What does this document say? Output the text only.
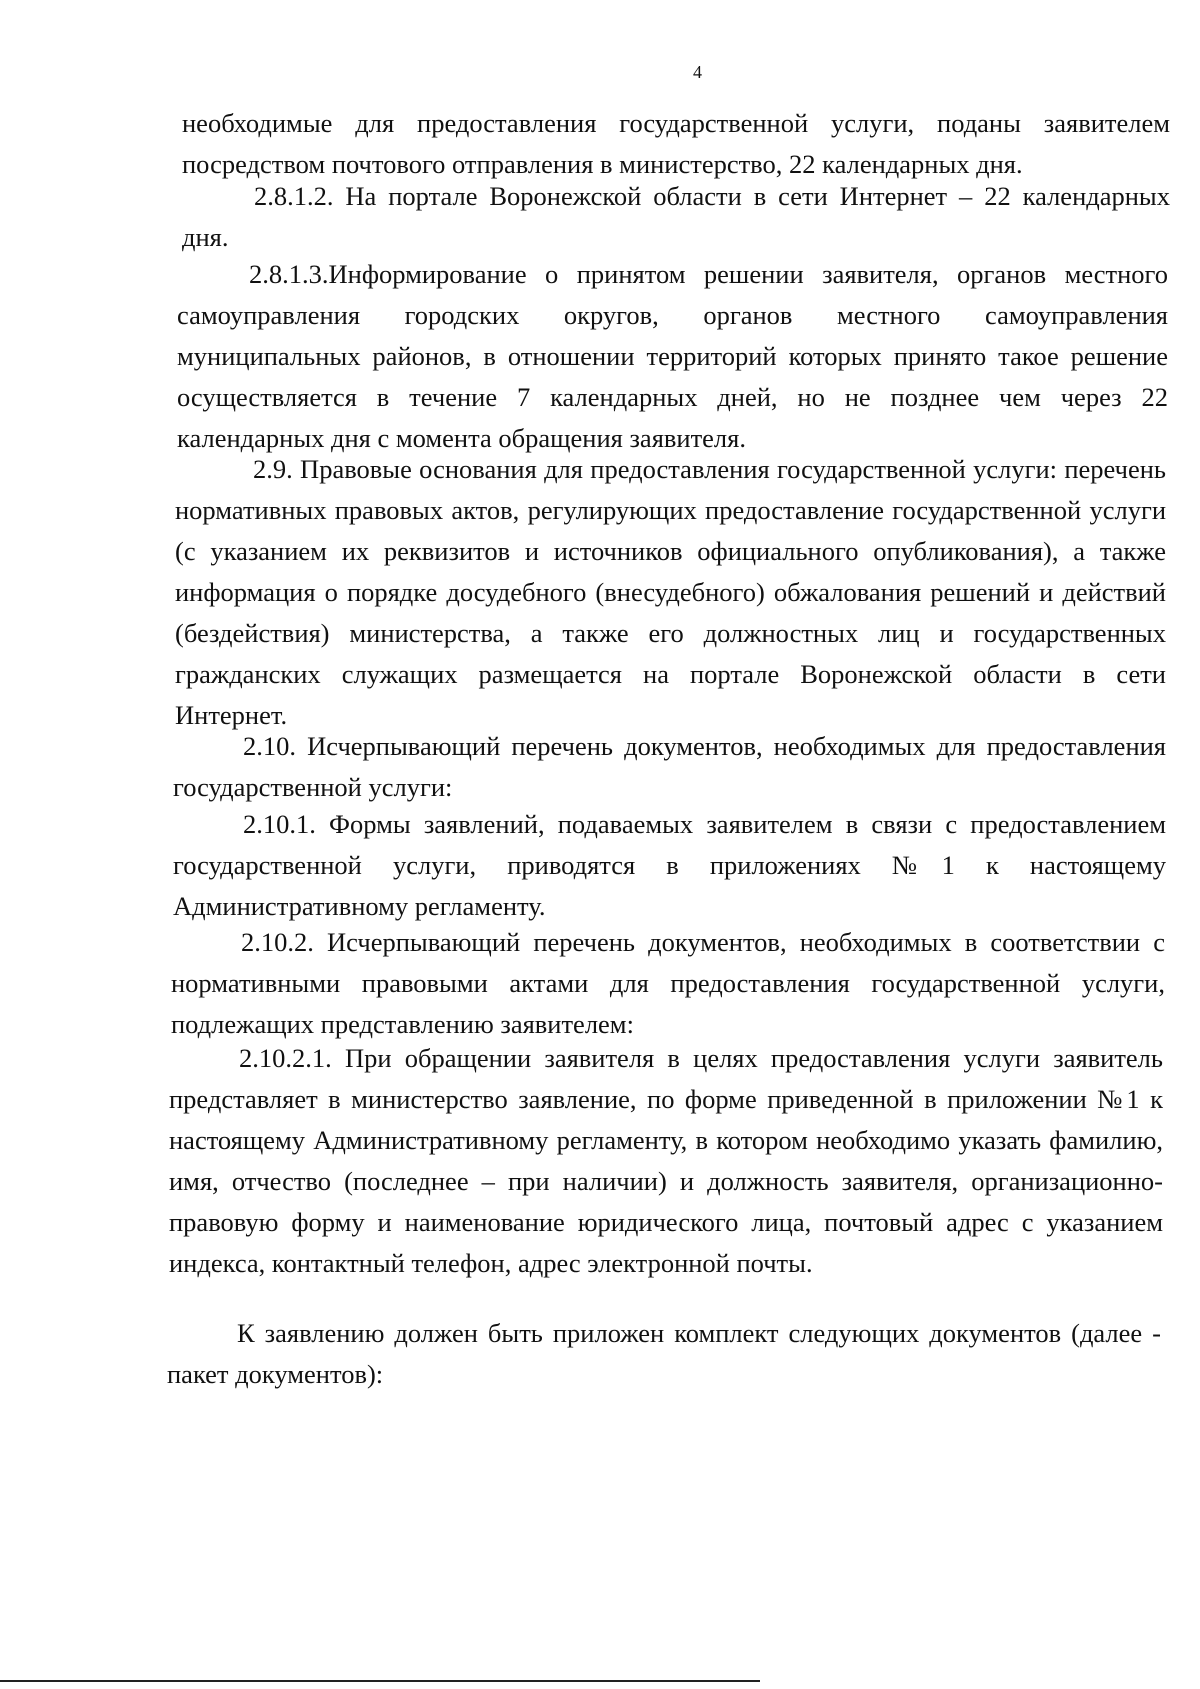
4
необходимые для предоставления государственной услуги, поданы заявителем посредством почтового отправления в министерство, 22 календарных дня.
2.8.1.2. На портале Воронежской области в сети Интернет – 22 календарных дня.
2.8.1.3.Информирование о принятом решении заявителя, органов местного самоуправления городских округов, органов местного самоуправления муниципальных районов, в отношении территорий которых принято такое решение осуществляется в течение 7 календарных дней, но не позднее чем через 22 календарных дня с момента обращения заявителя.
2.9. Правовые основания для предоставления государственной услуги: перечень нормативных правовых актов, регулирующих предоставление государственной услуги (с указанием их реквизитов и источников официального опубликования), а также информация о порядке досудебного (внесудебного) обжалования решений и действий (бездействия) министерства, а также его должностных лиц и государственных гражданских служащих размещается на портале Воронежской области в сети Интернет.
2.10. Исчерпывающий перечень документов, необходимых для предоставления государственной услуги:
2.10.1. Формы заявлений, подаваемых заявителем в связи с предоставлением государственной услуги, приводятся в приложениях №1 к настоящему Административному регламенту.
2.10.2. Исчерпывающий перечень документов, необходимых в соответствии с нормативными правовыми актами для предоставления государственной услуги, подлежащих представлению заявителем:
2.10.2.1. При обращении заявителя в целях предоставления услуги заявитель представляет в министерство заявление, по форме приведенной в приложении №1 к настоящему Административному регламенту, в котором необходимо указать фамилию, имя, отчество (последнее – при наличии) и должность заявителя, организационно-правовую форму и наименование юридического лица, почтовый адрес с указанием индекса, контактный телефон, адрес электронной почты.
К заявлению должен быть приложен комплект следующих документов (далее - пакет документов):
